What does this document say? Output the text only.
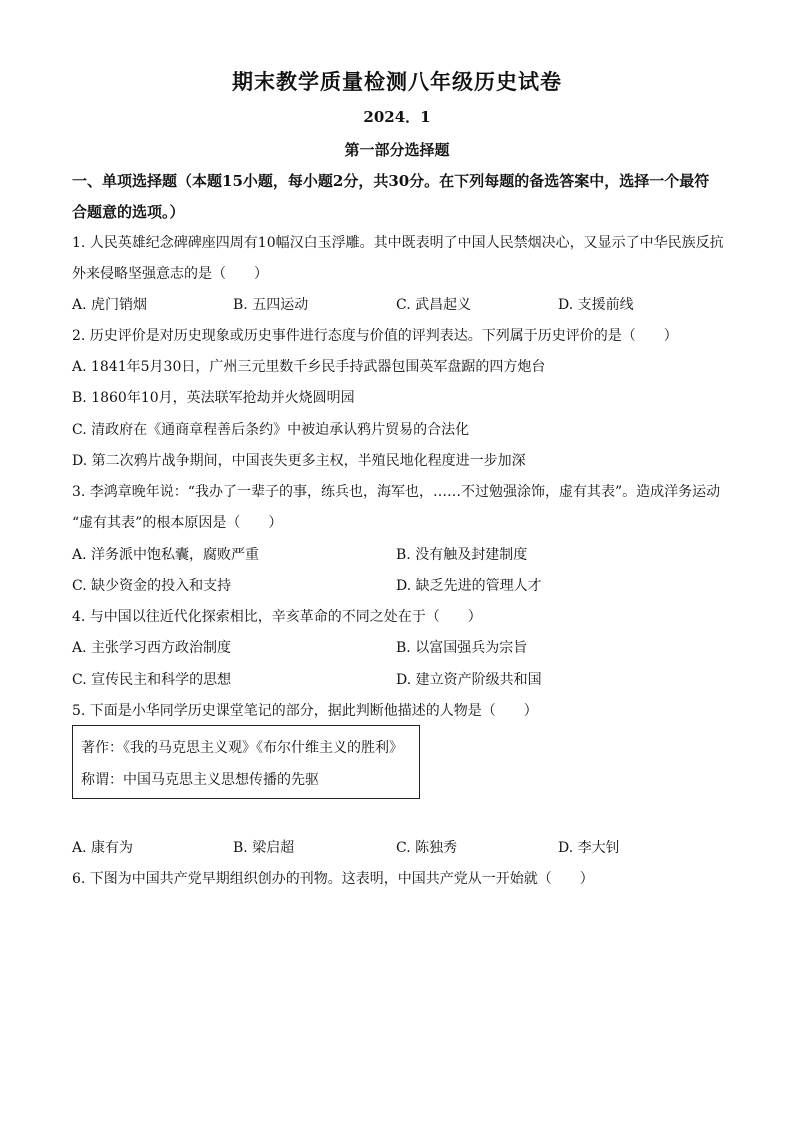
期末教学质量检测八年级历史试卷
2024．1
第一部分选择题
一、单项选择题（本题15小题，每小题2分，共30分。在下列每题的备选答案中，选择一个最符合题意的选项。）
1. 人民英雄纪念碑碑座四周有10幅汉白玉浮雕。其中既表明了中国人民禁烟决心，又显示了中华民族反抗
外来侵略坚强意志的是（　　）
A. 虎门销烟	B. 五四运动	C. 武昌起义	D. 支援前线
2. 历史评价是对历史现象或历史事件进行态度与价值的评判表达。下列属于历史评价的是（　　）
A. 1841年5月30日，广州三元里数千乡民手持武器包围英军盘踞的四方炮台
B. 1860年10月，英法联军抢劫并火烧圆明园
C. 清政府在《通商章程善后条约》中被迫承认鸦片贸易的合法化
D. 第二次鸦片战争期间，中国丧失更多主权，半殖民地化程度进一步加深
3. 李鸿章晚年说：“我办了一辈子的事，练兵也，海军也，……不过勉强涂饰，虚有其表”。造成洋务运动
“虚有其表”的根本原因是（　　）
A. 洋务派中饱私囊，腐败严重	B. 没有触及封建制度
C. 缺少资金的投入和支持	D. 缺乏先进的管理人才
4. 与中国以往近代化探索相比，辛亥革命的不同之处在于（　　）
A. 主张学习西方政治制度	B. 以富国强兵为宗旨
C. 宣传民主和科学的思想	D. 建立资产阶级共和国
5. 下面是小华同学历史课堂笔记的部分，据此判断他描述的人物是（　　）
著作：《我的马克思主义观》《布尔什维主义的胜利》
称谓：中国马克思主义思想传播的先驱
A. 康有为	B. 梁启超	C. 陈独秀	D. 李大钊
6. 下图为中国共产党早期组织创办的刊物。这表明，中国共产党从一开始就（　　）
